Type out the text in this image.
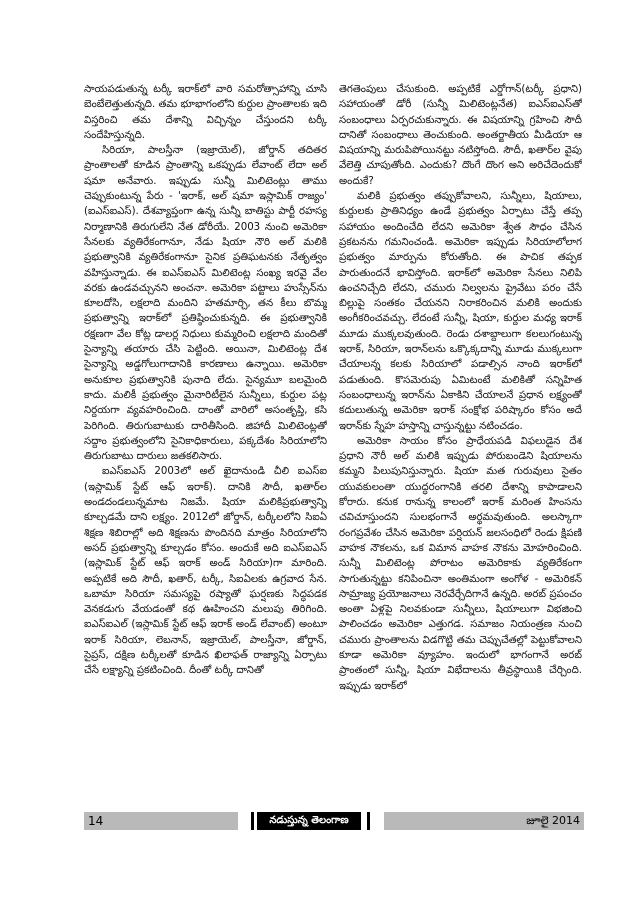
సాయపడుతున్న టర్కీ ఇరాక్‌లో వారి సమరోత్సాహాన్ని చూసి బెంబేలెత్తుతున్నది. తమ భూభాగంలోని కుర్దుల ప్రాంతాలకు ఇది విస్తరించి తమ దేశాన్ని విచ్ఛిన్నం చేస్తుందని టర్కీ సందేహిస్తున్నది.

సిరియా, పాలస్తీనా (ఇజ్రాయెల్), జోర్డాన్ తదితర ప్రాంతాలతో కూడిన ప్రాంతాన్ని ఒకప్పుడు లేవాంట్ లేదా అల్ షమా అనేవారు. ఇప్పుడు సున్నీ మిలిటెంట్లు తాము చెప్పుకుంటున్న పేరు - 'ఇరాక్, అల్ షమా ఇస్లామిక్ రాజ్యం' (ఐఎస్ఐఎస్). దేశవ్యాప్తంగా ఉన్న సున్నీ బాతిస్టు పార్టీ రహస్య నిర్మాణానికి తిరుగులేని నేత డోరీయే. 2003 నుంచి అమెరికా సేనలకు వ్యతిరేకంగానూ, నేడు షియా నౌరి అల్ మలికి ప్రభుత్వానికి వ్యతిరేకంగానూ సైనిక ప్రతిఘటనకు నేతృత్వం వహిస్తున్నాడు. ఈ ఐఎస్ఐఎస్ మిలిటెంట్ల సంఖ్య ఇరవై వేల వరకు ఉండవచ్చునని అంచనా. అమెరికా పట్టాలు హుస్సేన్‌ను కూలదోసి, లక్షలాది మందిని హతమార్చి, తన కీలు బొమ్మ ప్రభుత్వాన్ని ఇరాక్‌లో ప్రతిష్ఠించుకున్నది. ఈ ప్రభుత్వానికి రక్షణగా వేల కోట్ల డాలర్ల నిధులు కుమ్మరించి లక్షలాది మందితో సైన్యాన్ని తయారు చేసి పెట్టింది. అయినా, మిలిటెంట్ల దేశ సైన్యాన్ని అడ్డగోలుగాదానికి కారణాలు ఉన్నాయి. అమెరికా అనుకూల ప్రభుత్వానికి పునాది లేదు. సైన్యమూ బలమైంది కాదు. మలికీ ప్రభుత్వం మైనారిటీలైన సున్నీలు, కుర్దుల పట్ల నిర్దయగా వ్యవహరించింది. దాంతో వారిలో అసంతృప్తి, కసి పెరిగింది. తిరుగుబాటుకు దారితీసింది. జిహాదీ మిలిటెంట్లతో సద్దాం ప్రభుత్వంలోని సైనికాధికారులు, పక్కదేశం సిరియాలోని తిరుగుబాటు దారులు జతకలిసారు.

ఐఎస్ఐఎస్ 2003లో అల్ ఖైదానుండి చీలి ఐఎస్ఐ (ఇస్లామిక్ స్టేట్ ఆఫ్ ఇరాక్). దానికి సౌదీ, ఖతార్‌ల అండదండలున్నమాట నిజమే. షియా మలికిప్రభుత్వాన్ని కూల్చడమే దాని లక్ష్యం. 2012లో జోర్డాన్, టర్కీలలోని సిఐఏ శిక్షణ శిబిరాల్లో అది శిక్షణను పొందినది మాత్రం సిరియాలోని అసద్ ప్రభుత్వాన్ని కూల్చడం కోసం. అందుకే అది ఐఎస్ఐఎస్ (ఇస్లామిక్ స్టేట్ ఆఫ్ ఇరాక్ అండ్ సిరియా)గా మారింది. అప్పటికే అది సౌదీ, ఖతార్, టర్కీ, సిఐఏలకు ఉగ్రవాద సేన. ఒబామా సిరియా సమస్యపై రష్యాతో ఘర్షణకు సిద్ధపడక వెనకడుగు వేయడంతో కథ ఊహించని మలుపు తిరిగింది. ఐఎస్ఐఎల్ (ఇస్లామిక్ స్టేట్ ఆఫ్ ఇరాక్ అండ్ లేవాంట్) అంటూ ఇరాక్ సిరియా, లెబనాన్, ఇజ్రాయెల్, పాలస్తీనా, జోర్డాన్, సైప్రస్, దక్షిణ టర్కీలతో కూడిన ఖిలాఫత్ రాజ్యాన్ని ఏర్పాటు చేసే లక్ష్యాన్ని ప్రకటించింది. దీంతో టర్కీ దానితో

తెగతెంపులు చేసుకుంది. అప్పటికే ఎర్డోగాన్(టర్కీ ప్రధాని) సహాయంతో డోరీ (సున్నీ మిలిటెంట్లనేత) ఐఎస్ఐఎస్‌తో సంబంధాలు ఏర్పరచుకున్నారు. ఈ విషయాన్ని గ్రహించి సౌదీ దానితో సంబంధాలు తెంచుకుంది. అంతర్జాతీయ మీడియా ఆ విషయాన్ని మరుపిపోయినట్టు నటిస్తోంది. సౌదీ, ఖతార్‌ల వైపు వేలెత్తి చూపుతోంది. ఎందుకు? దొంగే దొంగ అని అరిచేదెందుకో అందుకే?

మలికి ప్రభుత్వం తప్పుకోవాలని, సున్నీలు, షియాలు, కుర్దులకు ప్రాతినిధ్యం ఉండే ప్రభుత్వం ఏర్పాటు చేస్తే తప్ప సహాయం అందించేది లేదని అమెరికా శ్వేత సౌధం చేసిన ప్రకటనను గమనించండి. అమెరికా ఇప్పుడు సిరియాలోలాగ ప్రభుత్వం మార్పును కోరుతోంది. ఈ పాచిక తప్పక పారుతుందనే భావిస్తోంది. ఇరాక్‌లో అమెరికా సేనలు నిలిపి ఉంచనిచ్చేది లేదని, చమురు నిల్వలను ప్రైవేటు పరం చేసే బిల్లుపై సంతకం చేయనని నిరాకరించిన మలికి అందుకు అంగీకరించవచ్చు. లేదంటే సున్నీ, షియా, కుర్దుల మధ్య ఇరాక్ మూడు ముక్కలవుతుంది. రెండు దశాబ్దాలుగా కలలుగంటున్న ఇరాక్, సిరియా, ఇరాన్‌లను ఒక్కొక్కదాన్ని మూడు ముక్కలుగా చేయాలన్న కలకు సిరియాలో పడాల్సిన నాంది ఇరాక్‌లో పడుతుంది. కొసమెరుపు ఏమిటంటే మలికితో సన్నిహిత సంబంధాలున్న ఇరాన్‌ను ఏకాకిని చేయాలనే ప్రధాన లక్ష్యంతో కదులుతున్న అమెరికా ఇరాక్ సంక్షోభ పరిష్కారం కోసం అదే ఇరాన్‌కు స్నేహ హస్తాన్ని చాస్తున్నట్టు నటించడం.

అమెరికా సాయం కోసం ప్రాధేయపడి విఫలుడైన దేశ ప్రధాని నౌరీ అల్ మలికి ఇప్పుడు పోరుబండెని షియాలను కమ్మని పిలుపునిస్తున్నారు. షియా మత గురువులు సైతం యువకులంతా యుద్ధరంగానికి తరలి దేశాన్ని కాపాడాలని కోరారు. కనుక రానున్న కాలంలో ఇరాక్ మరింత హింసను చవిచూస్తుందని సులభంగానే అర్థమవుతుంది. అలస్కాగా రంగప్రవేశం చేసిన అమెరికా పర్షియన్ జలసంధిలో రెండు క్షిపణి వాహక నౌకలను, ఒక విమాన వాహక నౌకను మోహరించింది. సున్నీ మిలిటెంట్ల పోరాటం అమెరికాకు వ్యతిరేకంగా సాగుతున్నట్టు కనిపించినా అంతిమంగా అంగోళ - అమెరికన్ సామ్రాజ్య ప్రయోజనాలు నెరవేర్చేదిగానే ఉన్నది. అరబ్ ప్రపంచం అంతా ఏళ్లపై నిలవకుండా సున్నీలు, షియాలుగా విభజించి పాలించడం అమెరికా ఎత్తుగడ. సమాజం నియంత్రణ నుంచి చమురు ప్రాంతాలను విడగొట్టి తమ చెప్పుచేతల్లో పెట్టుకోవాలని కూడా అమెరికా వ్యూహం. ఇందులో భాగంగానే అరబ్ ప్రాంతంలో సున్నీ, షియా విభేదాలను తీవ్రస్థాయికి చేర్చింది. ఇప్పుడు ఇరాక్‌లో

14	నడుస్తున్న తెలంగాణ	జూలై 2014
